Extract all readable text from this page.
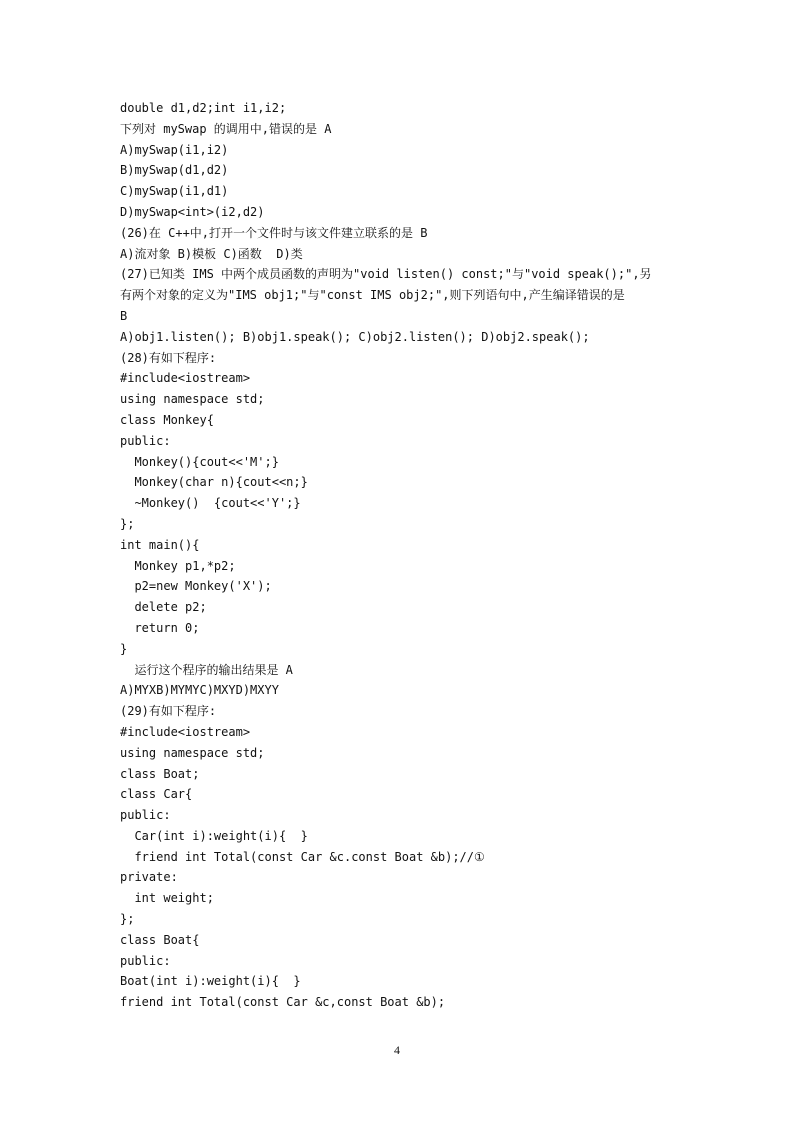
double d1,d2;int i1,i2;
下列对 mySwap 的调用中,错误的是 A
A)mySwap(i1,i2)
B)mySwap(d1,d2)
C)mySwap(i1,d1)
D)mySwap<int>(i2,d2)
(26)在 C++中,打开一个文件时与该文件建立联系的是 B
A)流对象 B)模板 C)函数  D)类
(27)已知类 IMS 中两个成员函数的声明为"void listen() const;"与"void speak();",另
有两个对象的定义为"IMS obj1;"与"const IMS obj2;",则下列语句中,产生编译错误的是
B
A)obj1.listen(); B)obj1.speak(); C)obj2.listen(); D)obj2.speak();
(28)有如下程序:
#include<iostream>
using namespace std;
class Monkey{
public:
Monkey(){cout<<'M';}
Monkey(char n){cout<<n;}
~Monkey()  {cout<<'Y';}
};
int main(){
Monkey p1,*p2;
p2=new Monkey('X');
delete p2;
return 0;
}
运行这个程序的输出结果是 A
A)MYXB)MYMYC)MXYD)MXYY
(29)有如下程序:
#include<iostream>
using namespace std;
class Boat;
class Car{
public:
Car(int i):weight(i){  }
friend int Total(const Car &c.const Boat &b);//①
private:
int weight;
};
class Boat{
public:
Boat(int i):weight(i){  }
friend int Total(const Car &c,const Boat &b);
4
